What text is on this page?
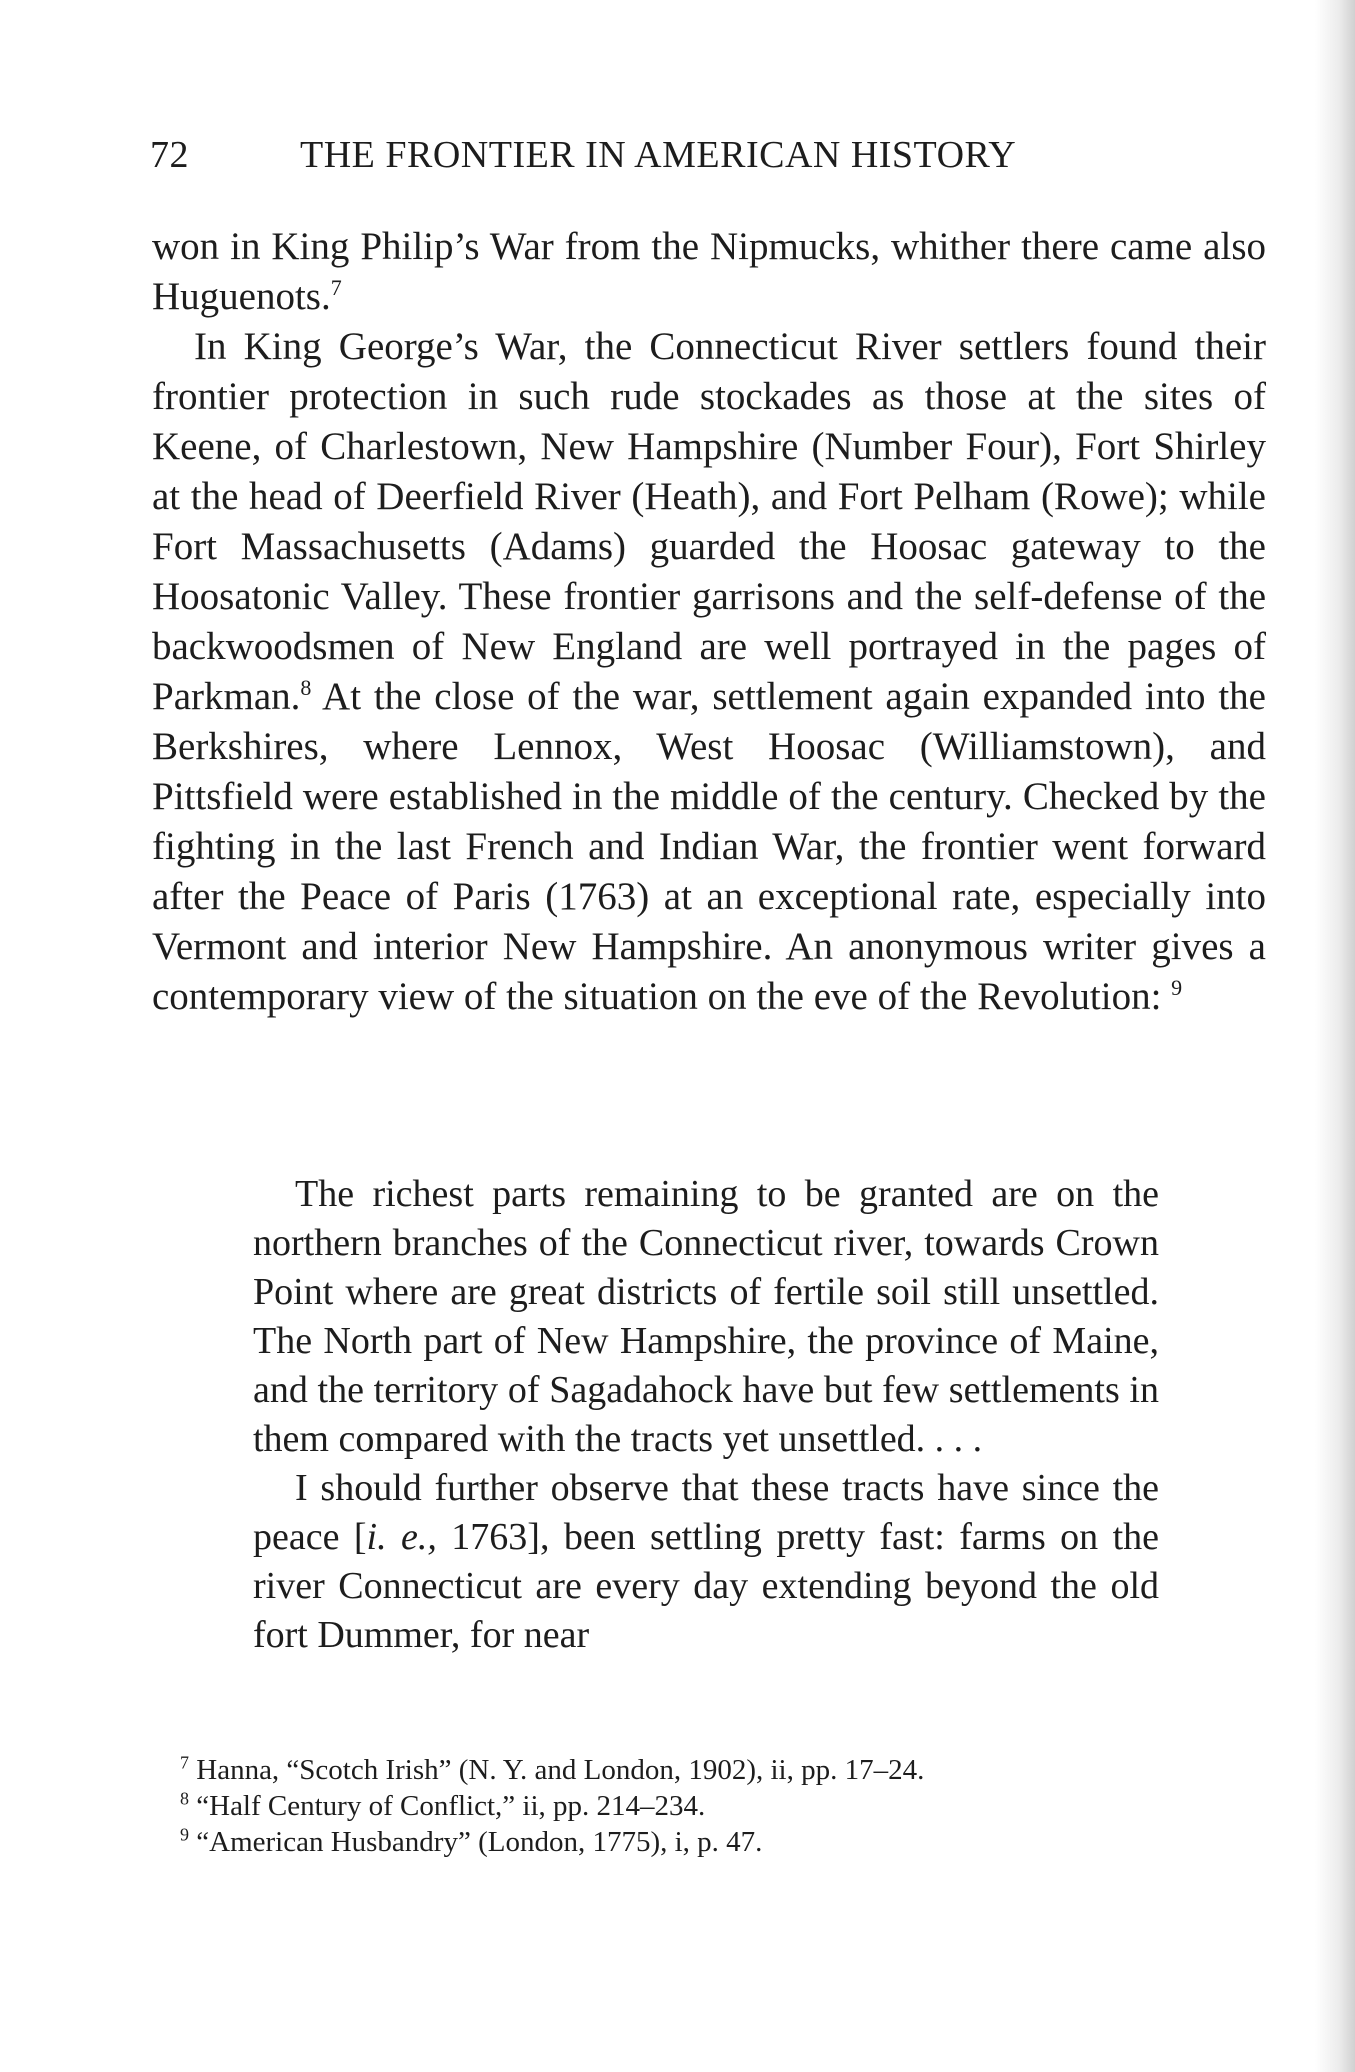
72	THE FRONTIER IN AMERICAN HISTORY

won in King Philip’s War from the Nipmucks, whither there came also Huguenots.$^7$

In King George’s War, the Connecticut River settlers found their frontier protection in such rude stockades as those at the sites of Keene, of Charlestown, New Hampshire (Number Four), Fort Shirley at the head of Deerfield River (Heath), and Fort Pelham (Rowe); while Fort Massachusetts (Adams) guarded the Hoosac gateway to the Hoosatonic Valley. These frontier garrisons and the self-defense of the backwoodsmen of New England are well portrayed in the pages of Parkman.$^8$ At the close of the war, settlement again expanded into the Berkshires, where Lennox, West Hoosac (Williamstown), and Pittsfield were established in the middle of the century. Checked by the fighting in the last French and Indian War, the frontier went forward after the Peace of Paris (1763) at an exceptional rate, especially into Vermont and interior New Hampshire. An anonymous writer gives a contemporary view of the situation on the eve of the Revolution: $^9$

The richest parts remaining to be granted are on the northern branches of the Connecticut river, towards Crown Point where are great districts of fertile soil still unsettled. The North part of New Hampshire, the province of Maine, and the territory of Sagadahock have but few settlements in them compared with the tracts yet unsettled. . . .

I should further observe that these tracts have since the peace [i. e., 1763], been settling pretty fast: farms on the river Connecticut are every day extending beyond the old fort Dummer, for near

$^7$ Hanna, “Scotch Irish” (N. Y. and London, 1902), ii, pp. 17–24.

$^8$ “Half Century of Conflict,” ii, pp. 214–234.

$^9$ “American Husbandry” (London, 1775), i, p. 47.
